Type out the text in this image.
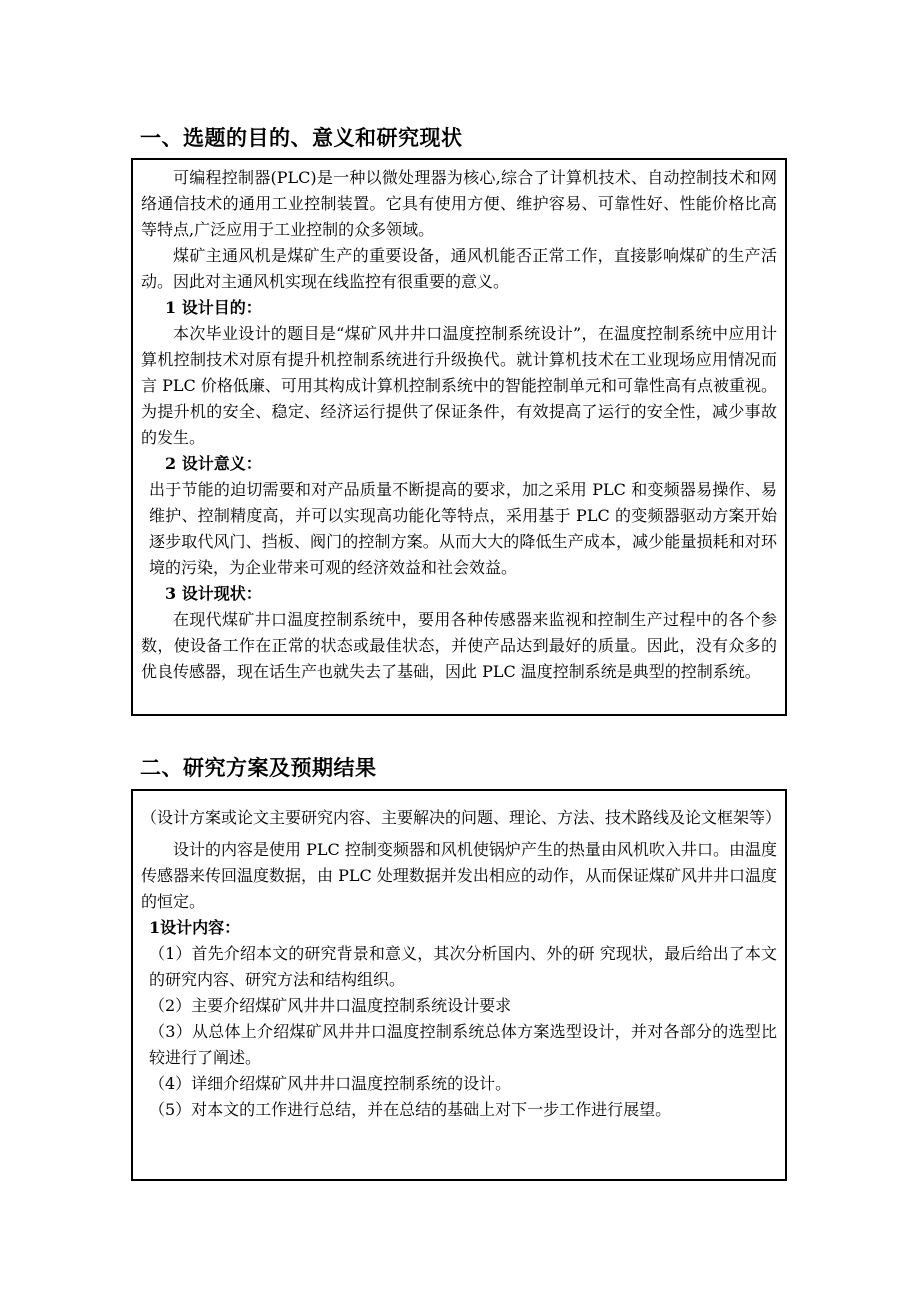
一、选题的目的、意义和研究现状

可编程控制器(PLC)是一种以微处理器为核心,综合了计算机技术、自动控制技术和网络通信技术的通用工业控制装置。它具有使用方便、维护容易、可靠性好、性能价格比高等特点,广泛应用于工业控制的众多领域。

煤矿主通风机是煤矿生产的重要设备，通风机能否正常工作，直接影响煤矿的生产活动。因此对主通风机实现在线监控有很重要的意义。

1 设计目的：

本次毕业设计的题目是“煤矿风井井口温度控制系统设计”，在温度控制系统中应用计算机控制技术对原有提升机控制系统进行升级换代。就计算机技术在工业现场应用情况而言 PLC 价格低廉、可用其构成计算机控制系统中的智能控制单元和可靠性高有点被重视。为提升机的安全、稳定、经济运行提供了保证条件，有效提高了运行的安全性，减少事故的发生。

2 设计意义：

出于节能的迫切需要和对产品质量不断提高的要求，加之采用 PLC 和变频器易操作、易维护、控制精度高，并可以实现高功能化等特点，采用基于 PLC 的变频器驱动方案开始逐步取代风门、挡板、阀门的控制方案。从而大大的降低生产成本，减少能量损耗和对环境的污染，为企业带来可观的经济效益和社会效益。

3 设计现状：

在现代煤矿井口温度控制系统中，要用各种传感器来监视和控制生产过程中的各个参数，使设备工作在正常的状态或最佳状态，并使产品达到最好的质量。因此，没有众多的优良传感器，现在话生产也就失去了基础，因此 PLC 温度控制系统是典型的控制系统。

二、研究方案及预期结果

（设计方案或论文主要研究内容、主要解决的问题、理论、方法、技术路线及论文框架等）

设计的内容是使用 PLC 控制变频器和风机使锅炉产生的热量由风机吹入井口。由温度传感器来传回温度数据，由 PLC 处理数据并发出相应的动作，从而保证煤矿风井井口温度的恒定。

1设计内容：

（1）首先介绍本文的研究背景和意义，其次分析国内、外的研 究现状，最后给出了本文的研究内容、研究方法和结构组织。

（2）主要介绍煤矿风井井口温度控制系统设计要求

（3）从总体上介绍煤矿风井井口温度控制系统总体方案选型设计，并对各部分的选型比较进行了阐述。

（4）详细介绍煤矿风井井口温度控制系统的设计。

（5）对本文的工作进行总结，并在总结的基础上对下一步工作进行展望。
